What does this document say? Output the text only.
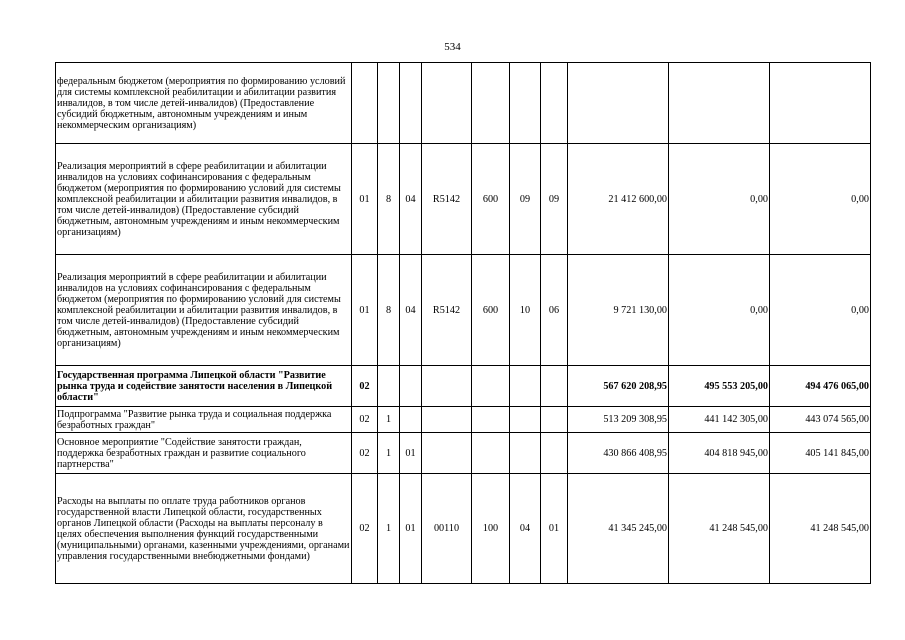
534
федеральным бюджетом (мероприятия по формированию условий для системы комплексной реабилитации и абилитации развития инвалидов, в том числе детей-инвалидов) (Предоставление субсидий бюджетным, автономным учреждениям и иным некоммерческим организациям)										
Реализация мероприятий в сфере реабилитации и абилитации инвалидов на условиях софинансирования с федеральным бюджетом (мероприятия по формированию условий для системы комплексной реабилитации и абилитации развития инвалидов, в том числе детей-инвалидов) (Предоставление субсидий бюджетным, автономным учреждениям и иным некоммерческим организациям)	01	8	04	R5142	600	09	09	21 412 600,00	0,00	0,00
Реализация мероприятий в сфере реабилитации и абилитации инвалидов на условиях софинансирования с федеральным бюджетом (мероприятия по формированию условий для системы комплексной реабилитации и абилитации развития инвалидов, в том числе детей-инвалидов) (Предоставление субсидий бюджетным, автономным учреждениям и иным некоммерческим организациям)	01	8	04	R5142	600	10	06	9 721 130,00	0,00	0,00
Государственная программа Липецкой области "Развитие рынка труда и содействие занятости населения в Липецкой области"	02							567 620 208,95	495 553 205,00	494 476 065,00
Подпрограмма "Развитие рынка труда и социальная поддержка безработных граждан"	02	1						513 209 308,95	441 142 305,00	443 074 565,00
Основное мероприятие "Содействие занятости граждан, поддержка безработных граждан и развитие социального партнерства"	02	1	01					430 866 408,95	404 818 945,00	405 141 845,00
Расходы на выплаты по оплате труда работников органов государственной власти Липецкой области, государственных органов Липецкой области (Расходы на выплаты персоналу в целях обеспечения выполнения функций государственными (муниципальными) органами, казенными учреждениями, органами управления государственными внебюджетными фондами)	02	1	01	00110	100	04	01	41 345 245,00	41 248 545,00	41 248 545,00
